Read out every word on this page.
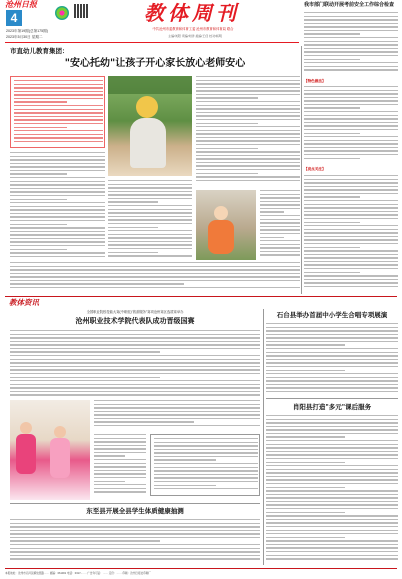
4
沧州日报	教体周刊
中共沧州市委教育和体育工委 沧州市教育和体育局 联合
2023年第19期(总第175期)
2023年5月30日 星期二	主编/刘阳 责编/刘洋 美编/王佳 校对/杨明
我市部门联动开展考前安全工作综合检查
市直幼儿教育集团：
"安心托幼"让孩子开心家长放心老师安心
【特色做法】
【亮点关注】
教体资讯
全国职业院校技能大赛(中职组)"旅游服务"赛项沧州赛区选拔赛举办
沧州职业技术学院代表队成功晋级国赛
石台县举办首届中小学生合唱专项展演
肖阳县打造"多元"课后服务
东至县开展全县学生体质健康抽测
本报地址：沧州市运河区解放西路…… 邮编：061001 电话：0317-…… 广告许可证：…… 定价：…… 印刷：沧州日报社印刷厂
